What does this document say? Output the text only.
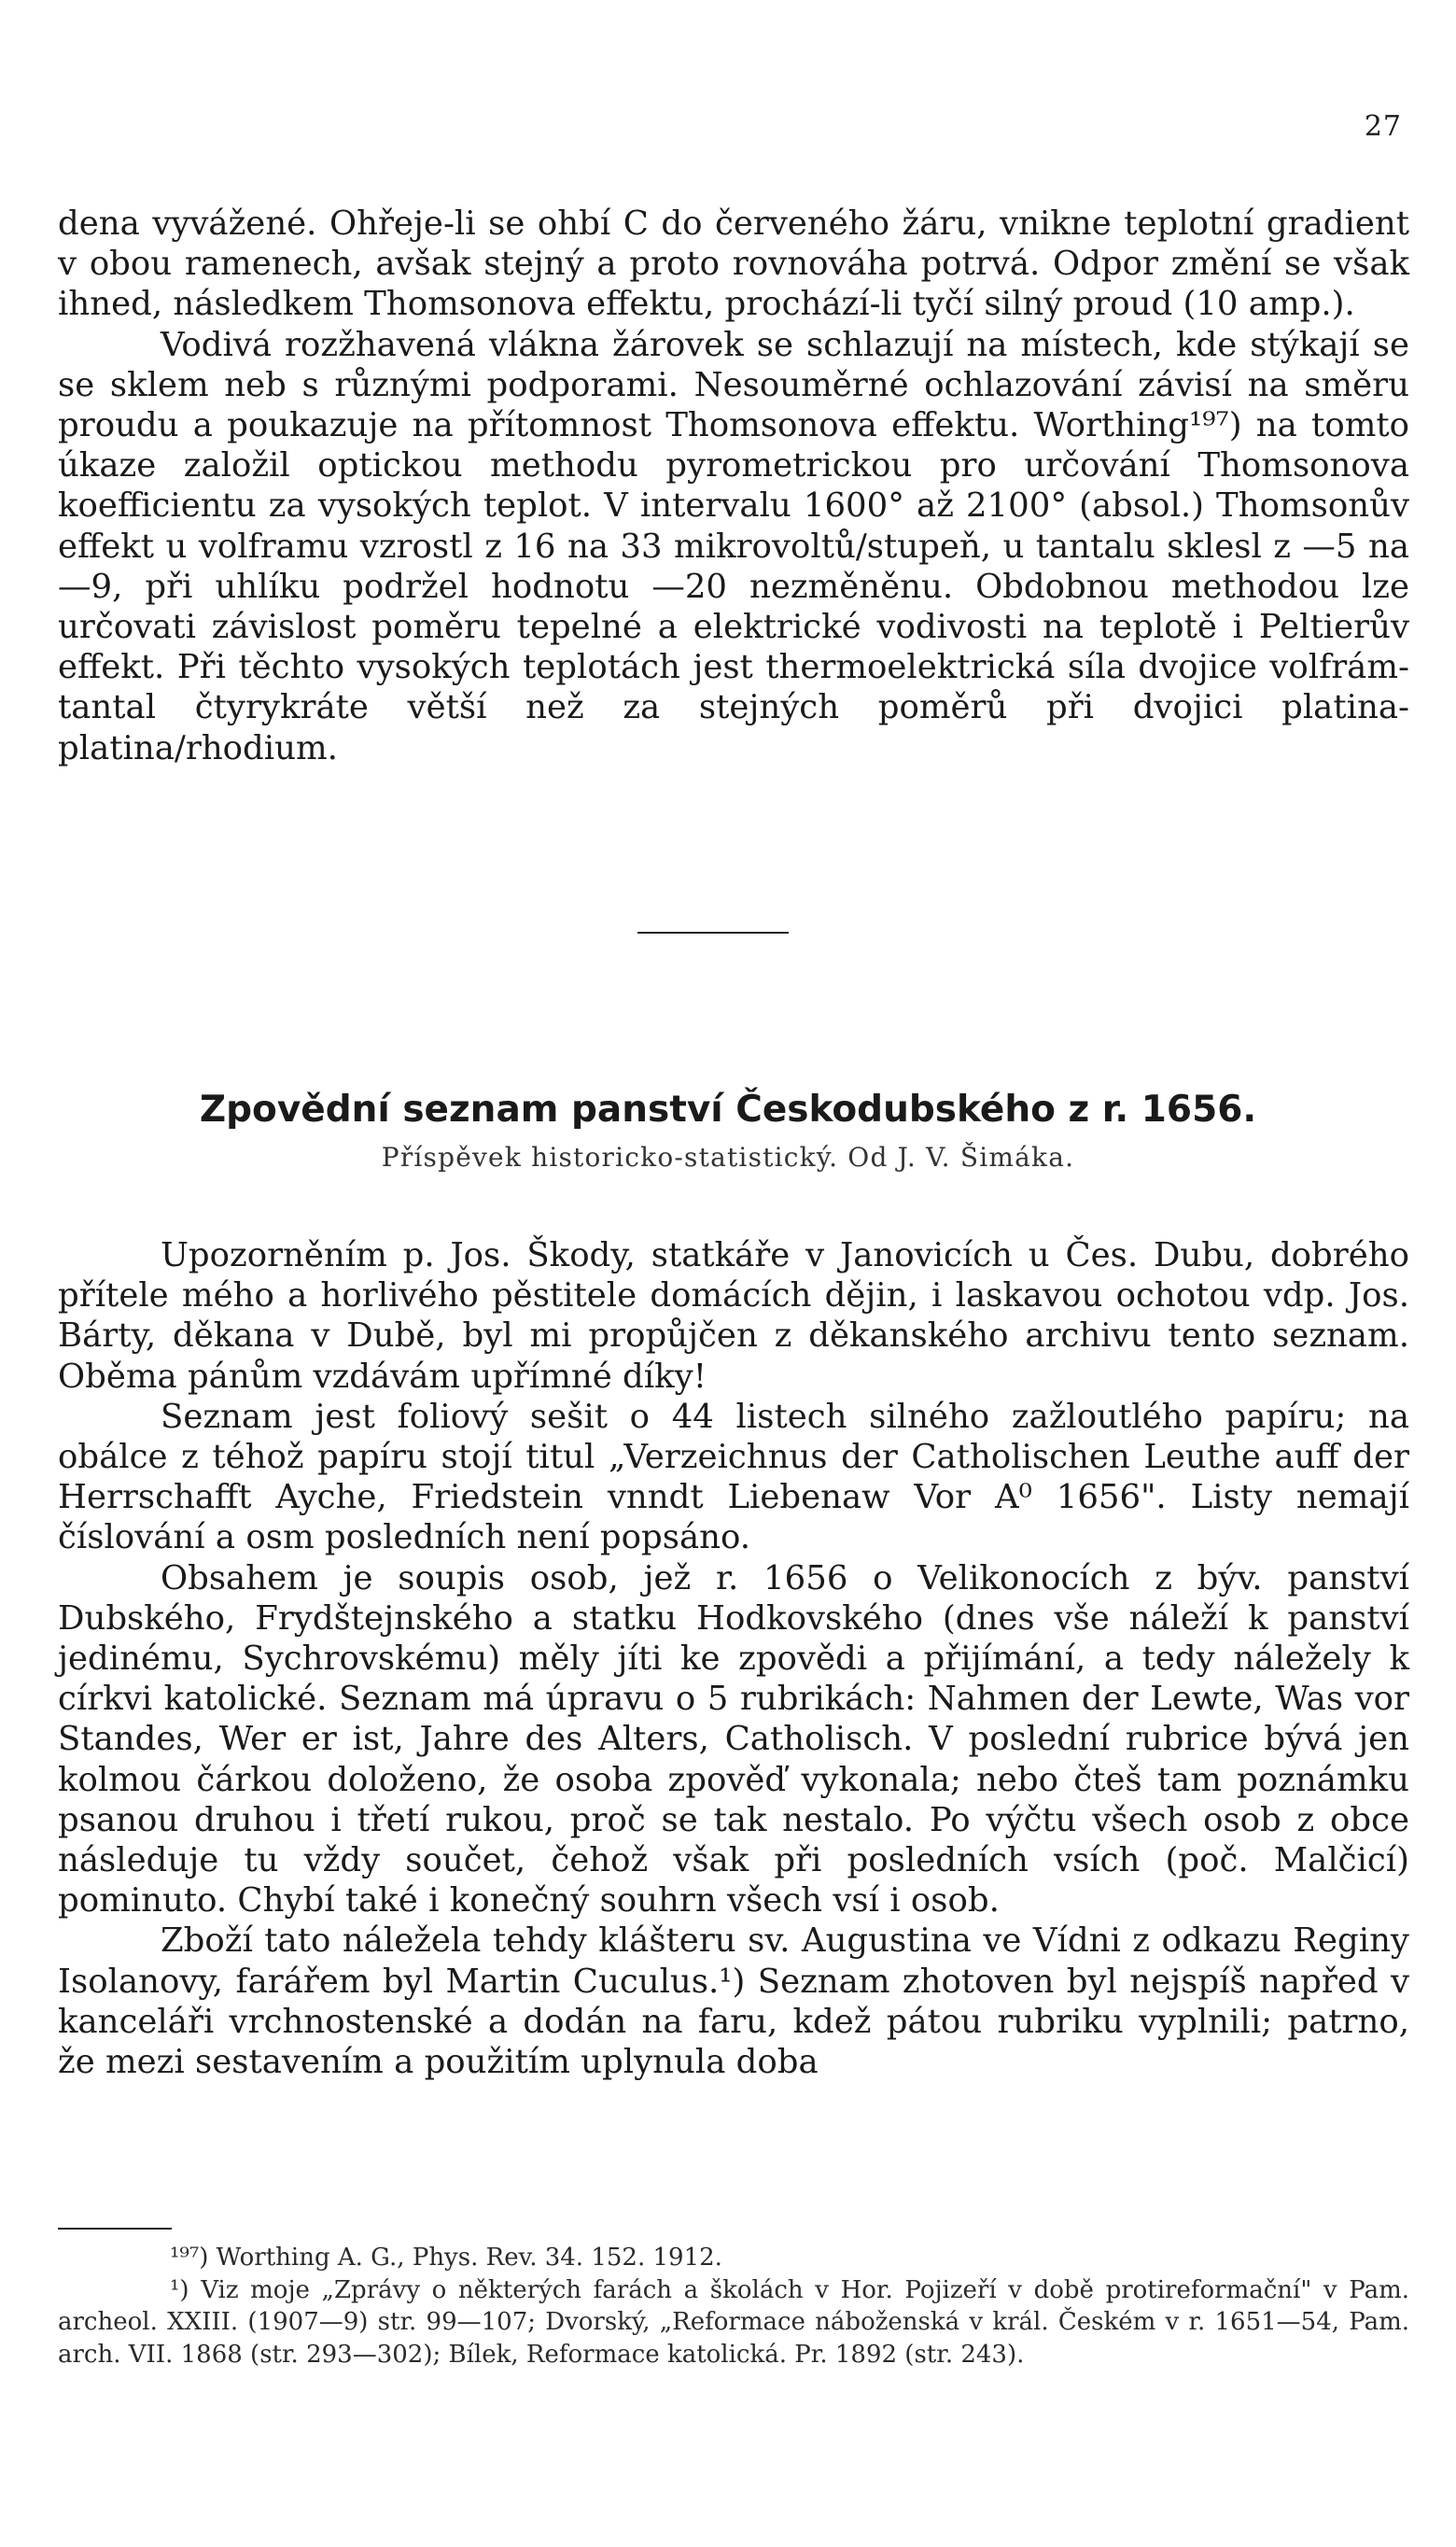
27

dena vyvážené. Ohřeje-li se ohbí C do červeného žáru, vnikne teplotní gradient v obou ramenech, avšak stejný a proto rovnováha potrvá. Odpor změní se však ihned, následkem Thomsonova effektu, prochází-li tyčí silný proud (10 amp.).

Vodivá rozžhavená vlákna žárovek se schlazují na místech, kde stýkají se se sklem neb s různými podporami. Nesouměrné ochlazování závisí na směru proudu a poukazuje na přítomnost Thomsonova effektu. Worthing¹⁹⁷) na tomto úkaze založil optickou methodu pyrometrickou pro určování Thomsonova koefficientu za vysokých teplot. V intervalu 1600° až 2100° (absol.) Thomsonův effekt u volframu vzrostl z 16 na 33 mikrovoltů/stupeň, u tantalu sklesl z —5 na —9, při uhlíku podržel hodnotu —20 nezměněnu. Obdobnou methodou lze určovati závislost poměru tepelné a elektrické vodivosti na teplotě i Peltierův effekt. Při těchto vysokých teplotách jest thermoelektrická síla dvojice volfrám-tantal čtyrykráte větší než za stejných poměrů při dvojici platina-platina/rhodium.

Zpovědní seznam panství Českodubského z r. 1656.
Příspěvek historicko-statistický. Od J. V. Šimáka.

Upozorněním p. Jos. Škody, statkáře v Janovicích u Čes. Dubu, dobrého přítele mého a horlivého pěstitele domácích dějin, i laskavou ochotou vdp. Jos. Bárty, děkana v Dubě, byl mi propůjčen z děkanského archivu tento seznam. Oběma pánům vzdávám upřímné díky!

Seznam jest foliový sešit o 44 listech silného zažloutlého papíru; na obálce z téhož papíru stojí titul „Verzeichnus der Catholischen Leuthe auff der Herrschafft Ayche, Friedstein vnndt Liebenaw Vor A⁰ 1656". Listy nemají číslování a osm posledních není popsáno.

Obsahem je soupis osob, jež r. 1656 o Velikonocích z býv. panství Dubského, Frydštejnského a statku Hodkovského (dnes vše náleží k panství jedinému, Sychrovskému) měly jíti ke zpovědi a přijímání, a tedy náležely k církvi katolické. Seznam má úpravu o 5 rubrikách: Nahmen der Lewte, Was vor Standes, Wer er ist, Jahre des Alters, Catholisch. V poslední rubrice bývá jen kolmou čárkou doloženo, že osoba zpověď vykonala; nebo čteš tam poznámku psanou druhou i třetí rukou, proč se tak nestalo. Po výčtu všech osob z obce následuje tu vždy součet, čehož však při posledních vsích (poč. Malčicí) pominuto. Chybí také i konečný souhrn všech vsí i osob.

Zboží tato náležela tehdy klášteru sv. Augustina ve Vídni z odkazu Reginy Isolanovy, farářem byl Martin Cuculus.¹) Seznam zhotoven byl nejspíš napřed v kanceláři vrchnostenské a dodán na faru, kdež pátou rubriku vyplnili; patrno, že mezi sestavením a použitím uplynula doba

¹⁹⁷) Worthing A. G., Phys. Rev. 34. 152. 1912.

¹) Viz moje „Zprávy o některých farách a školách v Hor. Pojizeří v době protireformační" v Pam. archeol. XXIII. (1907—9) str. 99—107; Dvorský, „Reformace náboženská v král. Českém v r. 1651—54, Pam. arch. VII. 1868 (str. 293—302); Bílek, Reformace katolická. Pr. 1892 (str. 243).
